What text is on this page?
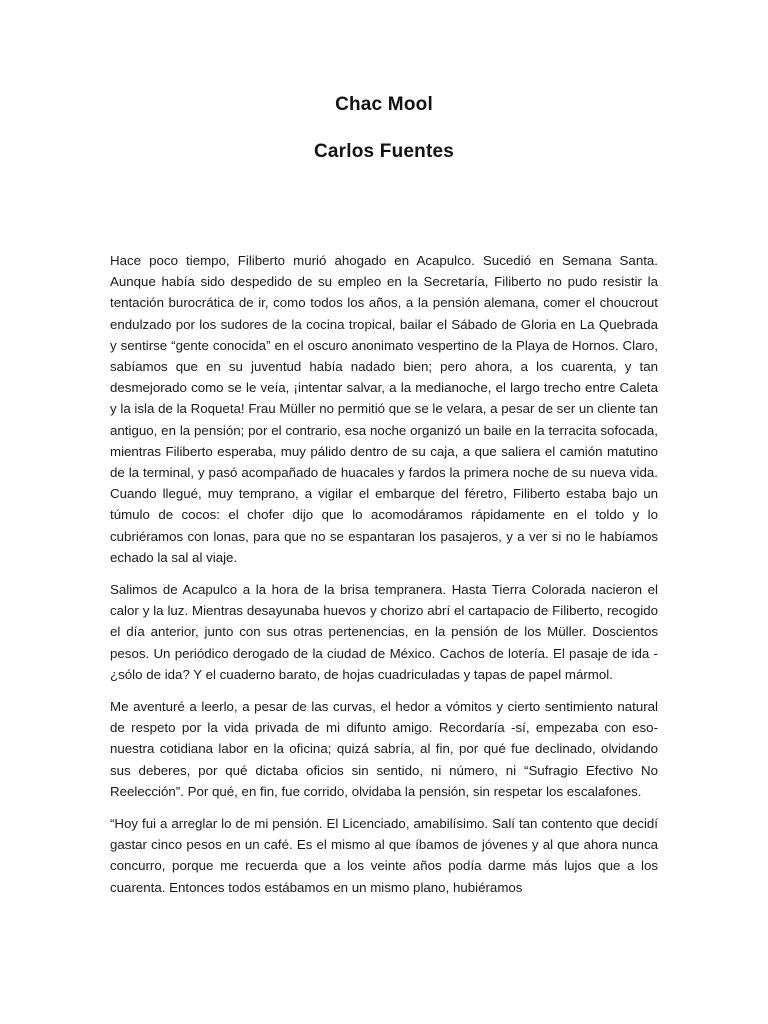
Chac Mool
Carlos Fuentes

Hace poco tiempo, Filiberto murió ahogado en Acapulco. Sucedió en Semana Santa. Aunque había sido despedido de su empleo en la Secretaría, Filiberto no pudo resistir la tentación burocrática de ir, como todos los años, a la pensión alemana, comer el choucrout endulzado por los sudores de la cocina tropical, bailar el Sábado de Gloria en La Quebrada y sentirse “gente conocida” en el oscuro anonimato vespertino de la Playa de Hornos. Claro, sabíamos que en su juventud había nadado bien; pero ahora, a los cuarenta, y tan desmejorado como se le veía, ¡intentar salvar, a la medianoche, el largo trecho entre Caleta y la isla de la Roqueta! Frau Müller no permitió que se le velara, a pesar de ser un cliente tan antiguo, en la pensión; por el contrario, esa noche organizó un baile en la terracita sofocada, mientras Filiberto esperaba, muy pálido dentro de su caja, a que saliera el camión matutino de la terminal, y pasó acompañado de huacales y fardos la primera noche de su nueva vida. Cuando llegué, muy temprano, a vigilar el embarque del féretro, Filiberto estaba bajo un túmulo de cocos: el chofer dijo que lo acomodáramos rápidamente en el toldo y lo cubriéramos con lonas, para que no se espantaran los pasajeros, y a ver si no le habíamos echado la sal al viaje.

Salimos de Acapulco a la hora de la brisa tempranera. Hasta Tierra Colorada nacieron el calor y la luz. Mientras desayunaba huevos y chorizo abrí el cartapacio de Filiberto, recogido el día anterior, junto con sus otras pertenencias, en la pensión de los Müller. Doscientos pesos. Un periódico derogado de la ciudad de México. Cachos de lotería. El pasaje de ida -¿sólo de ida? Y el cuaderno barato, de hojas cuadriculadas y tapas de papel mármol.

Me aventuré a leerlo, a pesar de las curvas, el hedor a vómitos y cierto sentimiento natural de respeto por la vida privada de mi difunto amigo. Recordaría -sí, empezaba con eso- nuestra cotidiana labor en la oficina; quizá sabría, al fin, por qué fue declinado, olvidando sus deberes, por qué dictaba oficios sin sentido, ni número, ni “Sufragio Efectivo No Reelección”. Por qué, en fin, fue corrido, olvidaba la pensión, sin respetar los escalafones.

“Hoy fui a arreglar lo de mi pensión. El Licenciado, amabilísimo. Salí tan contento que decidí gastar cinco pesos en un café. Es el mismo al que íbamos de jóvenes y al que ahora nunca concurro, porque me recuerda que a los veinte años podía darme más lujos que a los cuarenta. Entonces todos estábamos en un mismo plano, hubiéramos
